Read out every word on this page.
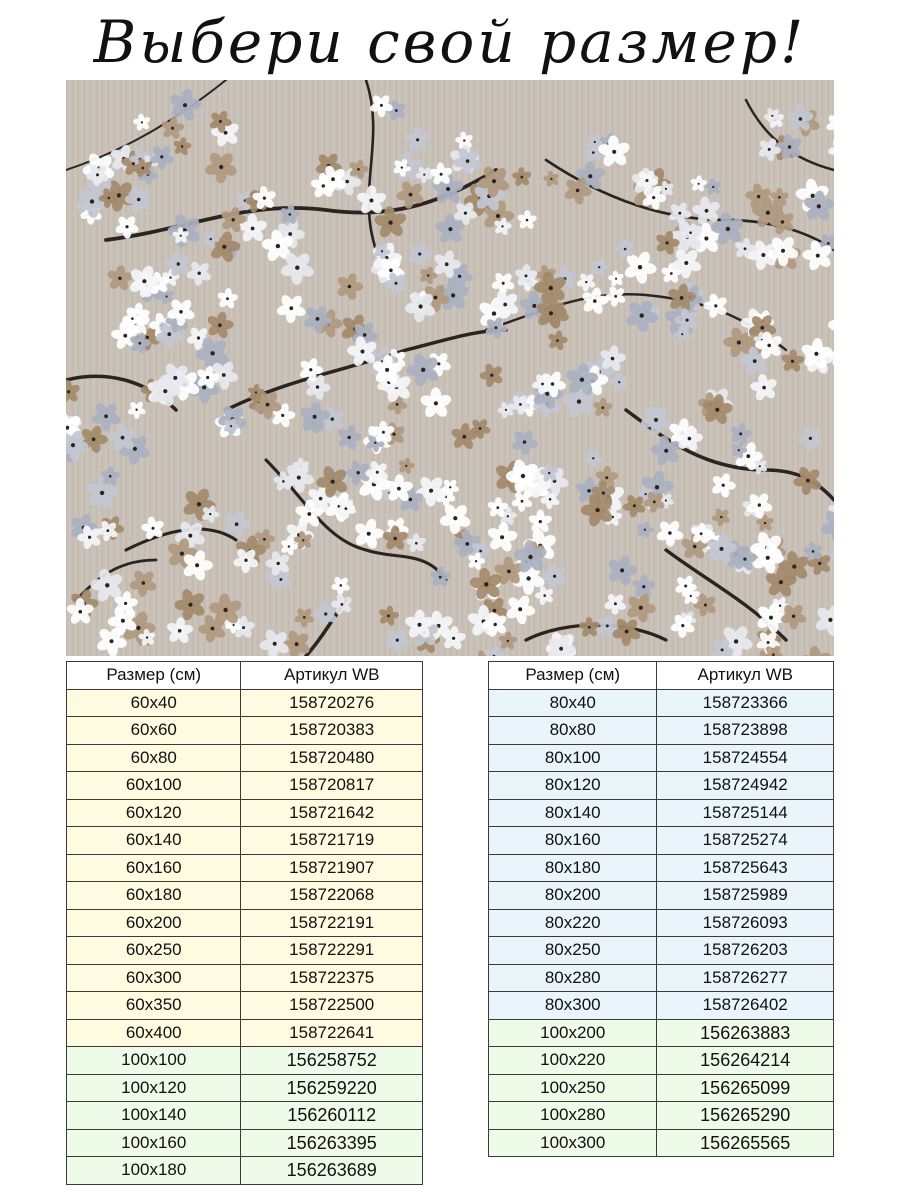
Выбери свой размер!
Размер (см)	Артикул WB
60x40	158720276
60x60	158720383
60x80	158720480
60x100	158720817
60x120	158721642
60x140	158721719
60x160	158721907
60x180	158722068
60x200	158722191
60x250	158722291
60x300	158722375
60x350	158722500
60x400	158722641
100x100	156258752
100x120	156259220
100x140	156260112
100x160	156263395
100x180	156263689
Размер (см)	Артикул WB
80x40	158723366
80x80	158723898
80x100	158724554
80x120	158724942
80x140	158725144
80x160	158725274
80x180	158725643
80x200	158725989
80x220	158726093
80x250	158726203
80x280	158726277
80x300	158726402
100x200	156263883
100x220	156264214
100x250	156265099
100x280	156265290
100x300	156265565
